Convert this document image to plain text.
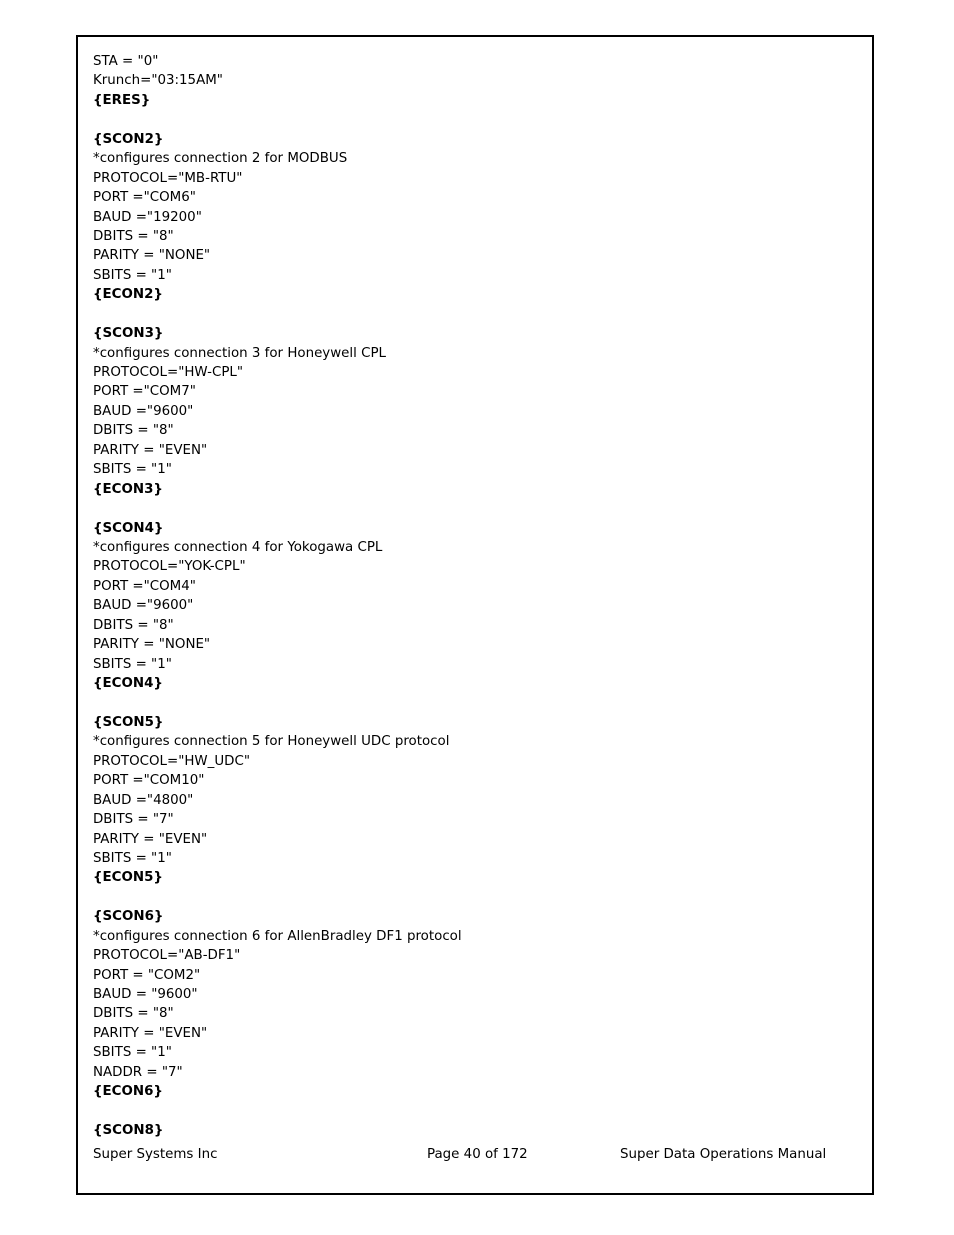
STA = "0"
Krunch="03:15AM"
{ERES}
{SCON2}
*configures connection 2 for MODBUS
PROTOCOL="MB-RTU"
PORT ="COM6"
BAUD ="19200"
DBITS = "8"
PARITY = "NONE"
SBITS = "1"
{ECON2}
{SCON3}
*configures connection 3 for Honeywell CPL
PROTOCOL="HW-CPL"
PORT ="COM7"
BAUD ="9600"
DBITS = "8"
PARITY = "EVEN"
SBITS = "1"
{ECON3}
{SCON4}
*configures connection 4 for Yokogawa CPL
PROTOCOL="YOK-CPL"
PORT ="COM4"
BAUD ="9600"
DBITS = "8"
PARITY = "NONE"
SBITS = "1"
{ECON4}
{SCON5}
*configures connection 5 for Honeywell UDC protocol
PROTOCOL="HW_UDC"
PORT ="COM10"
BAUD ="4800"
DBITS = "7"
PARITY = "EVEN"
SBITS = "1"
{ECON5}
{SCON6}
*configures connection 6 for AllenBradley DF1 protocol
PROTOCOL="AB-DF1"
PORT = "COM2"
BAUD = "9600"
DBITS = "8"
PARITY = "EVEN"
SBITS = "1"
NADDR = "7"
{ECON6}
{SCON8}
Super Systems Inc	Page 40 of 172	Super Data Operations Manual
